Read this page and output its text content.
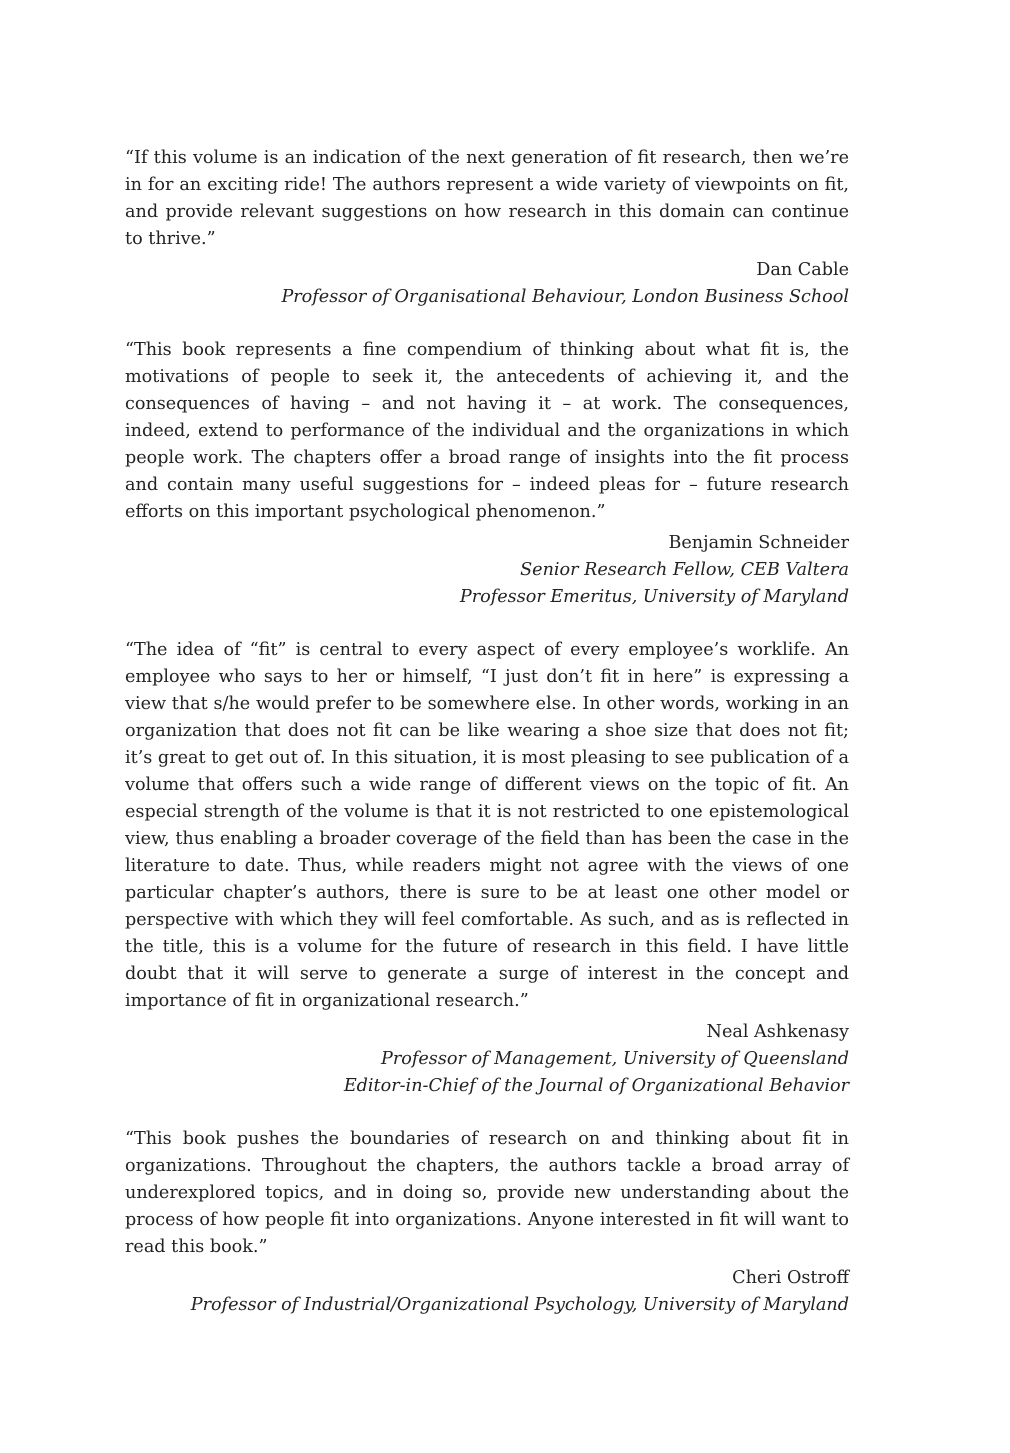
“If this volume is an indication of the next generation of fit research, then we’re in for an exciting ride! The authors represent a wide variety of viewpoints on fit, and provide relevant suggestions on how research in this domain can continue to thrive.”

Dan Cable
Professor of Organisational Behaviour, London Business School

“This book represents a fine compendium of thinking about what fit is, the motivations of people to seek it, the antecedents of achieving it, and the consequences of having – and not having it – at work. The consequences, indeed, extend to performance of the individual and the organizations in which people work. The chapters offer a broad range of insights into the fit process and contain many useful suggestions for – indeed pleas for – future research efforts on this important psychological phenomenon.”

Benjamin Schneider
Senior Research Fellow, CEB Valtera
Professor Emeritus, University of Maryland

“The idea of “fit” is central to every aspect of every employee’s worklife. An employee who says to her or himself, “I just don’t fit in here” is expressing a view that s/he would prefer to be somewhere else. In other words, working in an organization that does not fit can be like wearing a shoe size that does not fit; it’s great to get out of. In this situation, it is most pleasing to see publication of a volume that offers such a wide range of different views on the topic of fit. An especial strength of the volume is that it is not restricted to one epistemological view, thus enabling a broader coverage of the field than has been the case in the literature to date. Thus, while readers might not agree with the views of one particular chapter’s authors, there is sure to be at least one other model or perspective with which they will feel comfortable. As such, and as is reflected in the title, this is a volume for the future of research in this field. I have little doubt that it will serve to generate a surge of interest in the concept and importance of fit in organizational research.”

Neal Ashkenasy
Professor of Management, University of Queensland
Editor-in-Chief of the Journal of Organizational Behavior

“This book pushes the boundaries of research on and thinking about fit in organizations. Throughout the chapters, the authors tackle a broad array of underexplored topics, and in doing so, provide new understanding about the process of how people fit into organizations. Anyone interested in fit will want to read this book.”

Cheri Ostroff
Professor of Industrial/Organizational Psychology, University of Maryland
